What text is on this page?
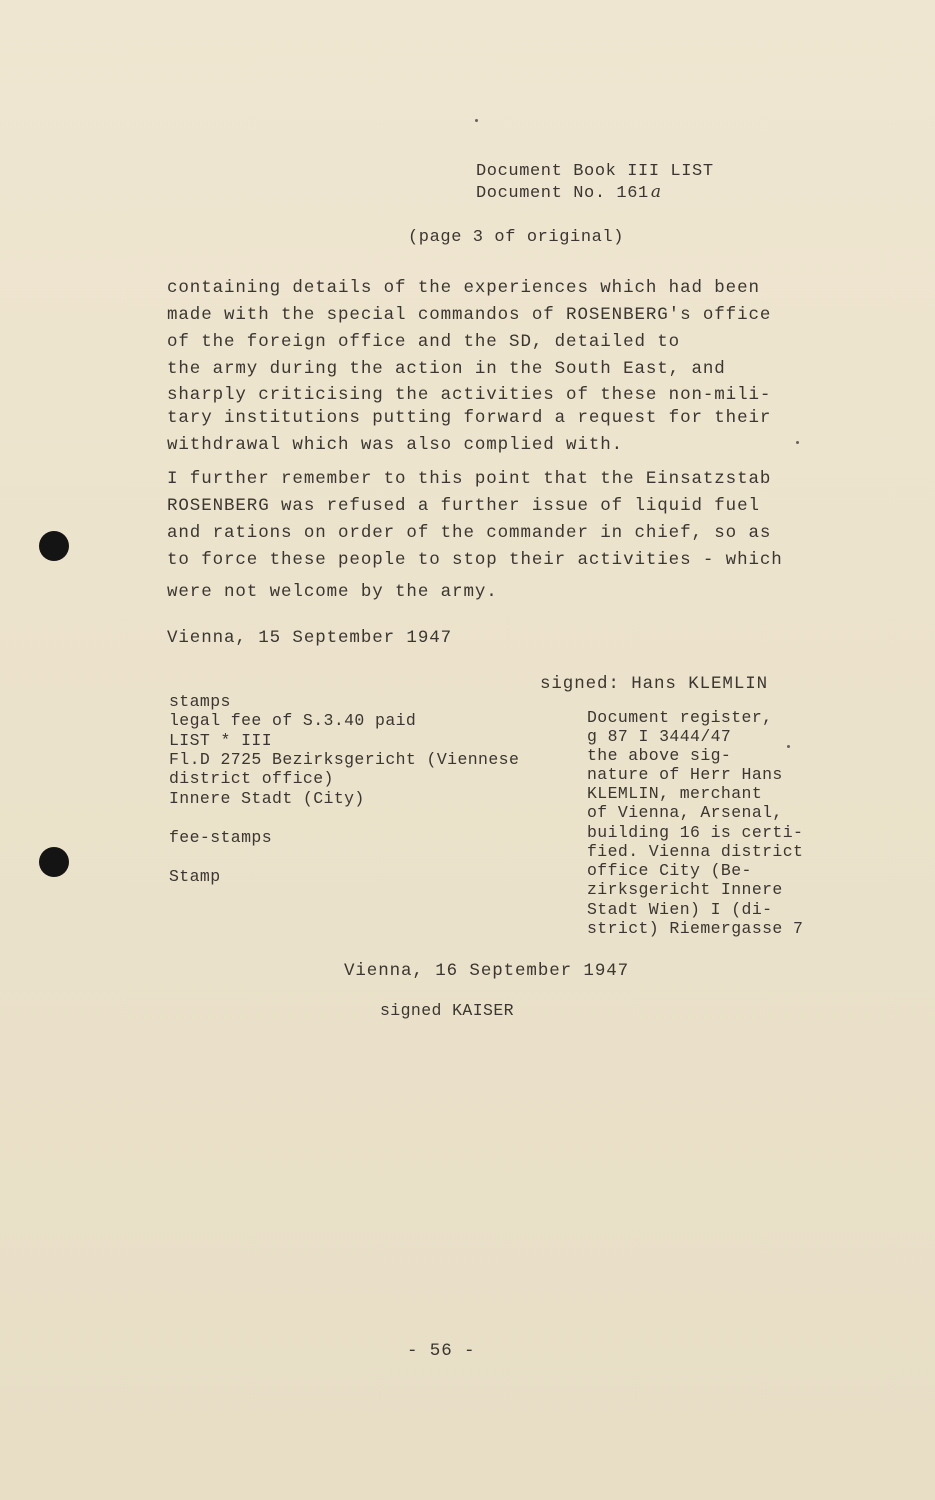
Document Book III LIST
Document No. 161 a
(page 3 of original)
containing details of the experiences which had been
made with the special commandos of ROSENBERG's office
of the foreign office and the SD, detailed to
the army during the action in the South East, and
sharply criticising the activities of these non-mili-
tary institutions putting forward a request for their
withdrawal which was also complied with.
I further remember to this point that the Einsatzstab
ROSENBERG was refused a further issue of liquid fuel
and rations on order of the commander in chief, so as
to force these people to stop their activities - which
were not welcome by the army.
Vienna, 15 September 1947
signed: Hans KLEMLIN
stamps
legal fee of S.3.40 paid
LIST * III
Fl.D 2725 Bezirksgericht (Viennese
district office)
Innere Stadt (City)
fee-stamps
Stamp
Document register,
g 87 I 3444/47
the above sig-
nature of Herr Hans
KLEMLIN, merchant
of Vienna, Arsenal,
building 16 is certi-
fied. Vienna district
office City (Be-
zirksgericht Innere
Stadt Wien) I (di-
strict) Riemergasse 7
Vienna, 16 September 1947
signed KAISER
- 56 -
